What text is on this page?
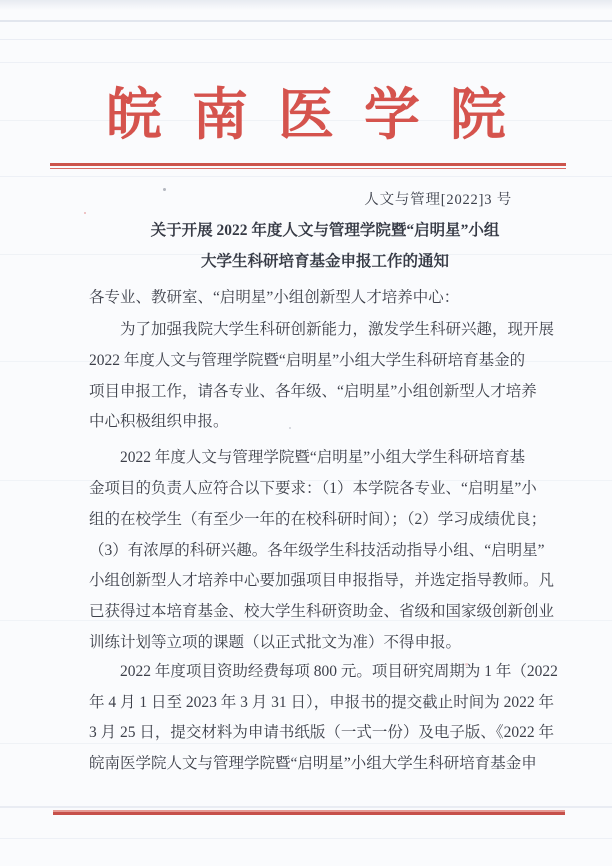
皖南医学院
人文与管理[2022]3 号
关于开展 2022 年度人文与管理学院暨“启明星”小组
大学生科研培育基金申报工作的通知
各专业、教研室、“启明星”小组创新型人才培养中心：
为了加强我院大学生科研创新能力，激发学生科研兴趣，现开展
2022 年度人文与管理学院暨“启明星”小组大学生科研培育基金的
项目申报工作，请各专业、各年级、“启明星”小组创新型人才培养
中心积极组织申报。
2022 年度人文与管理学院暨“启明星”小组大学生科研培育基
金项目的负责人应符合以下要求：（1）本学院各专业、“启明星”小
组的在校学生（有至少一年的在校科研时间）；（2）学习成绩优良；
（3）有浓厚的科研兴趣。各年级学生科技活动指导小组、“启明星”
小组创新型人才培养中心要加强项目申报指导，并选定指导教师。凡
已获得过本培育基金、校大学生科研资助金、省级和国家级创新创业
训练计划等立项的课题（以正式批文为准）不得申报。
2022 年度项目资助经费每项 800 元。项目研究周期为 1 年（2022
年 4 月 1 日至 2023 年 3 月 31 日），申报书的提交截止时间为 2022 年
3 月 25 日，提交材料为申请书纸版（一式一份）及电子版、《2022 年
皖南医学院人文与管理学院暨“启明星”小组大学生科研培育基金申
